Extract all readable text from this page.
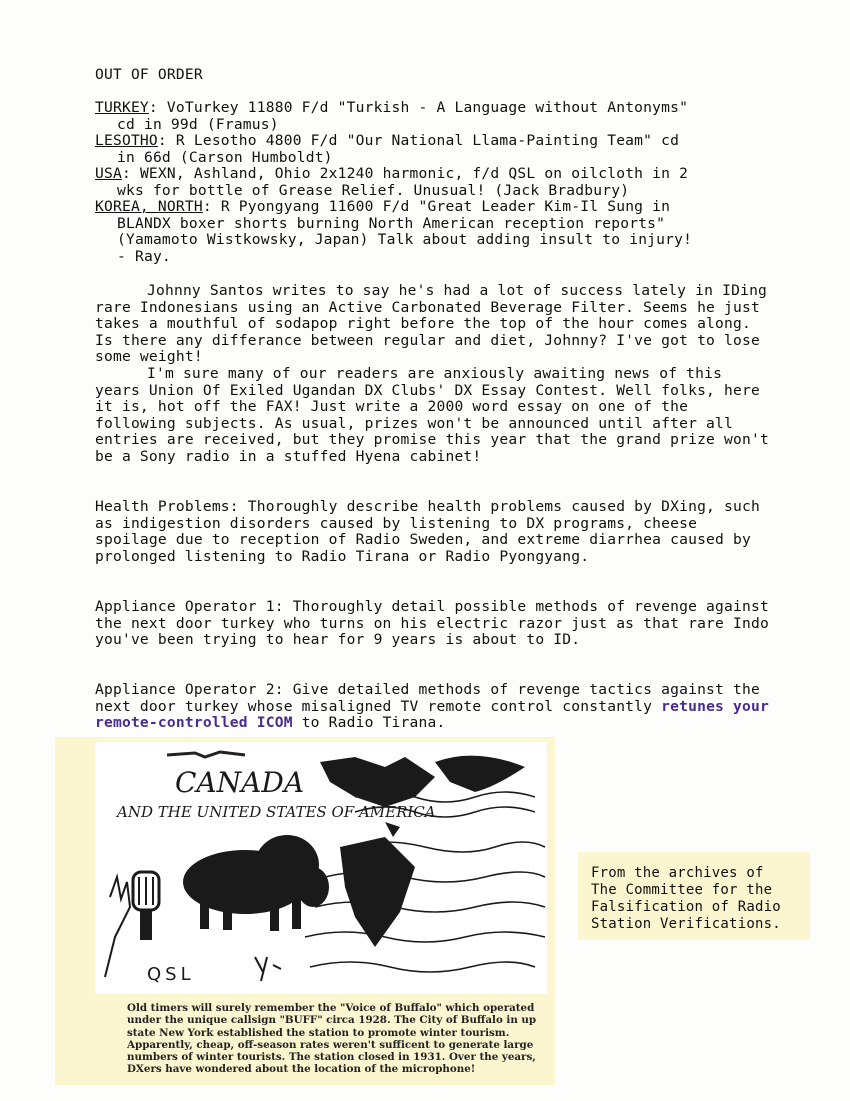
OUT OF ORDER
TURKEY: VoTurkey 11880 F/d "Turkish - A Language without Antonyms"
cd in 99d (Framus)
LESOTHO: R Lesotho 4800 F/d "Our National Llama-Painting Team" cd
in 66d (Carson Humboldt)
USA: WEXN, Ashland, Ohio 2x1240 harmonic, f/d QSL on oilcloth in 2
wks for bottle of Grease Relief. Unusual! (Jack Bradbury)
KOREA, NORTH: R Pyongyang 11600 F/d "Great Leader Kim-Il Sung in
BLANDX boxer shorts burning North American reception reports"
(Yamamoto Wistkowsky, Japan) Talk about adding insult to injury!
- Ray.
Johnny Santos writes to say he's had a lot of success lately in IDing rare Indonesians using an Active Carbonated Beverage Filter. Seems he just takes a mouthful of sodapop right before the top of the hour comes along. Is there any differance between regular and diet, Johnny? I've got to lose some weight!
I'm sure many of our readers are anxiously awaiting news of this years Union Of Exiled Ugandan DX Clubs' DX Essay Contest. Well folks, here it is, hot off the FAX! Just write a 2000 word essay on one of the following subjects. As usual, prizes won't be announced until after all entries are received, but they promise this year that the grand prize won't be a Sony radio in a stuffed Hyena cabinet!
Health Problems: Thoroughly describe health problems caused by DXing, such as indigestion disorders caused by listening to DX programs, cheese spoilage due to reception of Radio Sweden, and extreme diarrhea caused by prolonged listening to Radio Tirana or Radio Pyongyang.
Appliance Operator 1: Thoroughly detail possible methods of revenge against the next door turkey who turns on his electric razor just as that rare Indo you've been trying to hear for 9 years is about to ID.
Appliance Operator 2: Give detailed methods of revenge tactics against the next door turkey whose misaligned TV remote control constantly retunes your remote-controlled ICOM to Radio Tirana.
CANADA
AND THE UNITED STATES OF AMERICA
QSL
Old timers will surely remember the "Voice of Buffalo" which operated under the unique callsign "BUFF" circa 1928. The City of Buffalo in up state New York established the station to promote winter tourism. Apparently, cheap, off-season rates weren't sufficent to generate large numbers of winter tourists. The station closed in 1931. Over the years, DXers have wondered about the location of the microphone!
From the archives of
The Committee for the
Falsification of Radio
Station Verifications.
